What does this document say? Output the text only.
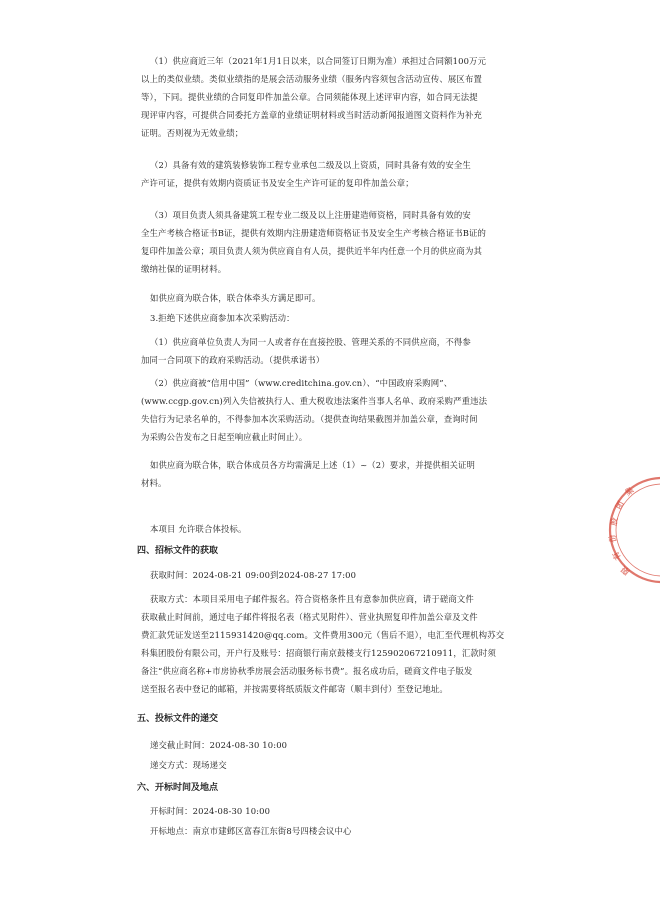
（1）供应商近三年（2021年1月1日以来，以合同签订日期为准）承担过合同额100万元
以上的类似业绩。类似业绩指的是展会活动服务业绩（服务内容须包含活动宣传、展区布置
等），下同。提供业绩的合同复印件加盖公章。合同须能体现上述评审内容，如合同无法提
现评审内容，可提供合同委托方盖章的业绩证明材料或当时活动新闻报道图文资料作为补充
证明。否则视为无效业绩；
（2）具备有效的建筑装修装饰工程专业承包二级及以上资质，同时具备有效的安全生
产许可证，提供有效期内资质证书及安全生产许可证的复印件加盖公章；
（3）项目负责人须具备建筑工程专业二级及以上注册建造师资格，同时具备有效的安
全生产考核合格证书B证，提供有效期内注册建造师资格证书及安全生产考核合格证书B证的
复印件加盖公章；项目负责人须为供应商自有人员，提供近半年内任意一个月的供应商为其
缴纳社保的证明材料。
如供应商为联合体，联合体牵头方满足即可。
3.拒绝下述供应商参加本次采购活动：
（1）供应商单位负责人为同一人或者存在直接控股、管理关系的不同供应商，不得参
加同一合同项下的政府采购活动。（提供承诺书）
（2）供应商被“信用中国”（www.creditchina.gov.cn）、“中国政府采购网”、
(www.ccgp.gov.cn)列入失信被执行人、重大税收违法案件当事人名单、政府采购严重违法
失信行为记录名单的，不得参加本次采购活动。（提供查询结果截图并加盖公章，查询时间
为采购公告发布之日起至响应截止时间止）。
如供应商为联合体，联合体成员各方均需满足上述（1）~（2）要求，并提供相关证明
材料。
本项目 允许联合体投标。
四、招标文件的获取
获取时间：2024-08-21 09:00到2024-08-27 17:00
获取方式：本项目采用电子邮件报名。符合资格条件且有意参加供应商，请于磋商文件
获取截止时间前，通过电子邮件将报名表（格式见附件）、营业执照复印件加盖公章及文件
费汇款凭证发送至2115931420@qq.com。文件费用300元（售后不退），电汇至代理机构苏交
科集团股份有限公司，开户行及账号：招商银行南京鼓楼支行125902067210911，汇款时须
备注“供应商名称+市房协秋季房展会活动服务标书费”。报名成功后，磋商文件电子版发
送至报名表中登记的邮箱，并按需要将纸质版文件邮寄（顺丰到付）至登记地址。
五、投标文件的递交
递交截止时间：2024-08-30 10:00
递交方式：现场递交
六、开标时间及地点
开标时间：2024-08-30 10:00
开标地点：南京市建邺区富春江东街8号四楼会议中心
集
团
股
份
有
限
